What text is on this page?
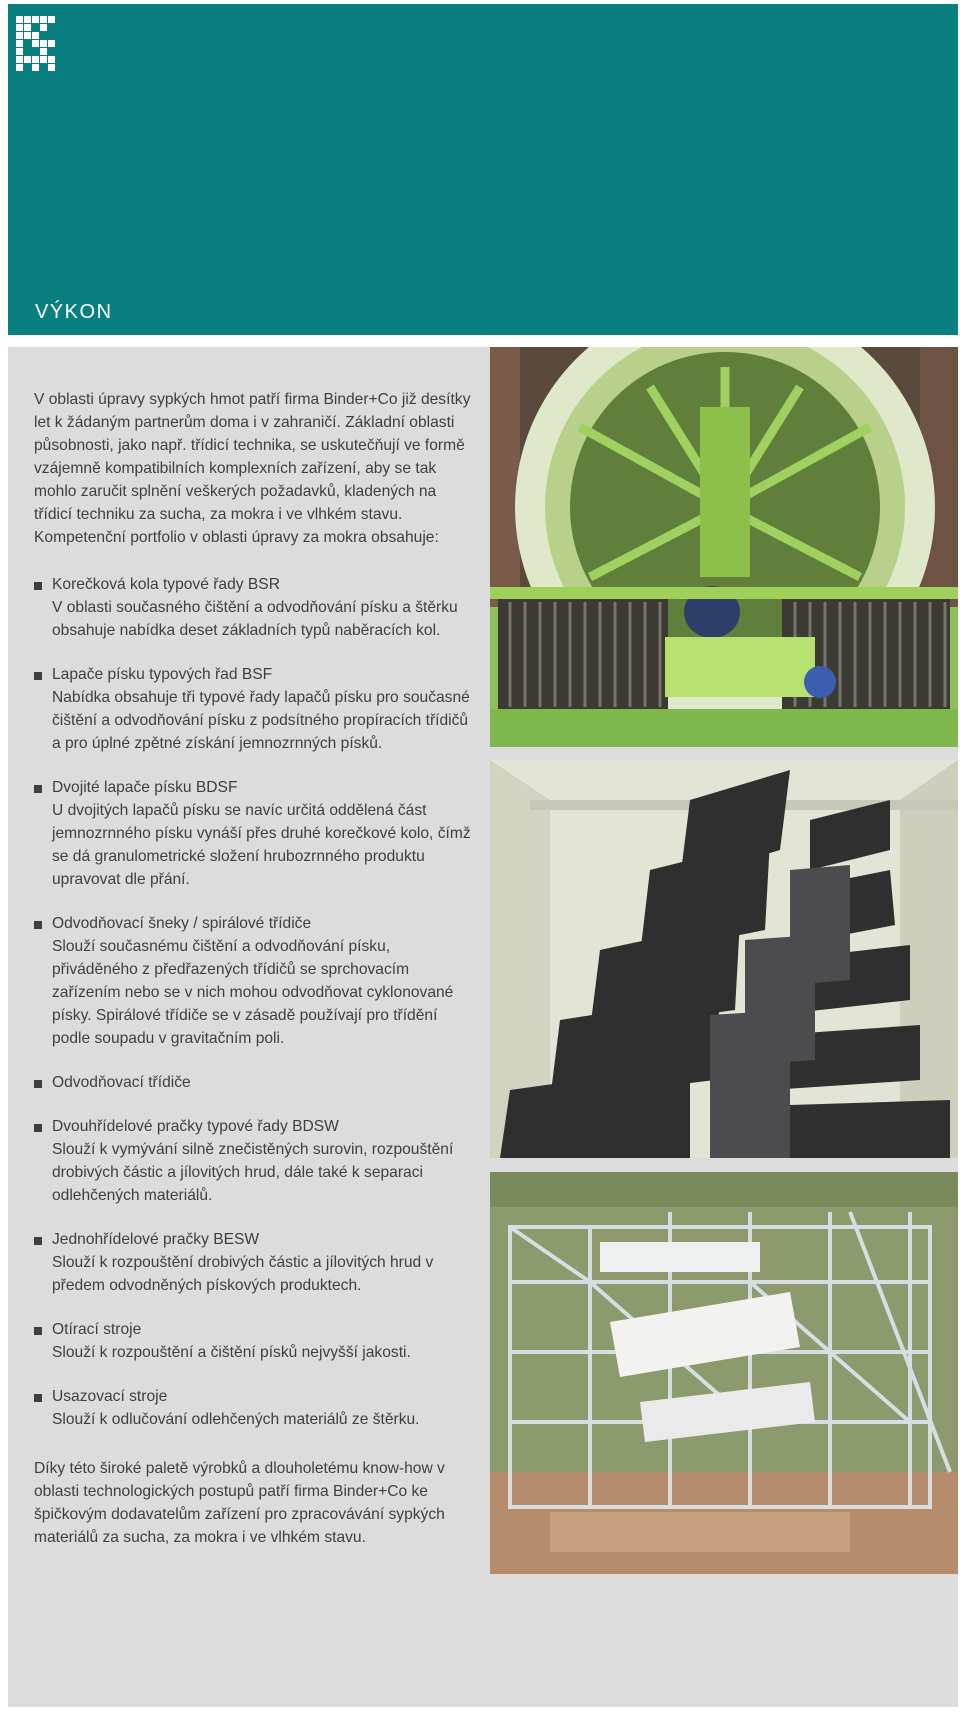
VÝKON

V oblasti úpravy sypkých hmot patří firma Binder+Co již desítky let k žádaným partnerům doma i v zahraničí. Základní oblasti působnosti, jako např. třídicí technika, se uskutečňují ve formě vzájemně kompatibilních komplexních zařízení, aby se tak mohlo zaručit splnění veškerých požadavků, kladených na třídicí techniku za sucha, za mokra i ve vlhkém stavu. Kompetenční portfolio v oblasti úpravy za mokra obsahuje:

Korečková kola typové řady BSR
V oblasti současného čištění a odvodňování písku a štěrku obsahuje nabídka deset základních typů naběracích kol.
Lapače písku typových řad BSF
Nabídka obsahuje tři typové řady lapačů písku pro současné čištění a odvodňování písku z podsítného propíracích třídičů a pro úplné zpětné získání jemnozrnných písků.
Dvojité lapače písku BDSF
U dvojitých lapačů písku se navíc určitá oddělená část jemnozrnného písku vynáší přes druhé korečkové kolo, čímž se dá granulometrické složení hrubozrnného produktu upravovat dle přání.
Odvodňovací šneky / spirálové třídiče
Slouží současnému čištění a odvodňování písku, přiváděného z předřazených třídičů se sprchovacím zařízením nebo se v nich mohou odvodňovat cyklonované písky. Spirálové třídiče se v zásadě používají pro třídění podle soupadu v gravitačním poli.
Odvodňovací třídiče
Dvouhřídelové pračky typové řady BDSW
Slouží k vymývání silně znečistěných surovin, rozpouštění drobivých částic a jílovitých hrud, dále také k separaci odlehčených materiálů.
Jednohřídelové pračky BESW
Slouží k rozpouštění drobivých částic a jílovitých hrud v předem odvodněných pískových produktech.
Otírací stroje
Slouží k rozpouštění a čištění písků nejvyšší jakosti.
Usazovací stroje
Slouží k odlučování odlehčených materiálů ze štěrku.

Díky této široké paletě výrobků a dlouholetému know-how v oblasti technologických postupů patří firma Binder+Co ke špičkovým dodavatelům zařízení pro zpracovávání sypkých materiálů za sucha, za mokra i ve vlhkém stavu.
